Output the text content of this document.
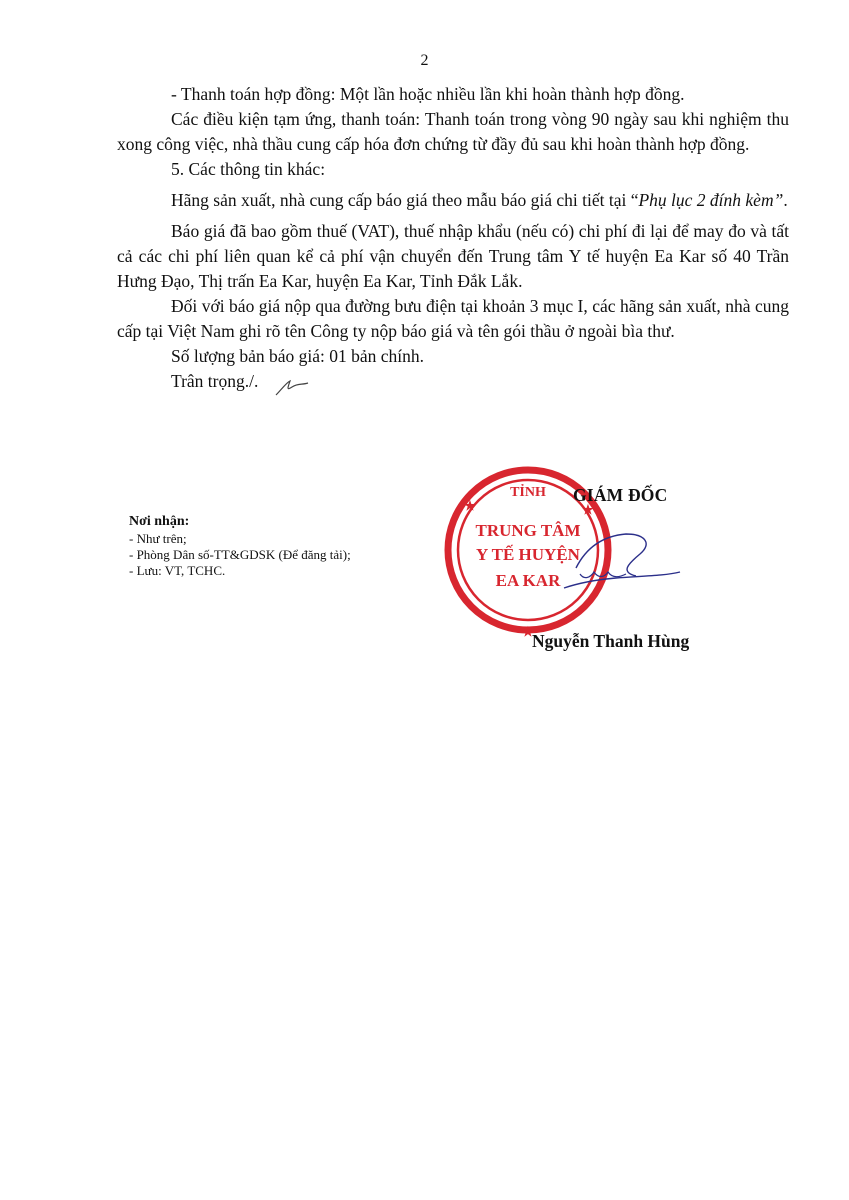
2

- Thanh toán hợp đồng: Một lần hoặc nhiều lần khi hoàn thành hợp đồng.

Các điều kiện tạm ứng, thanh toán: Thanh toán trong vòng 90 ngày sau khi nghiệm thu xong công việc, nhà thầu cung cấp hóa đơn chứng từ đầy đủ sau khi hoàn thành hợp đồng.

5. Các thông tin khác:

Hãng sản xuất, nhà cung cấp báo giá theo mẫu báo giá chi tiết tại “Phụ lục 2 đính kèm”.

Báo giá đã bao gồm thuế (VAT), thuế nhập khẩu (nếu có) chi phí đi lại để may đo và tất cả các chi phí liên quan kể cả phí vận chuyển đến Trung tâm Y tế huyện Ea Kar số 40 Trần Hưng Đạo, Thị trấn Ea Kar, huyện Ea Kar, Tỉnh Đắk Lắk.

Đối với báo giá nộp qua đường bưu điện tại khoản 3 mục I, các hãng sản xuất, nhà cung cấp tại Việt Nam ghi rõ tên Công ty nộp báo giá và tên gói thầu ở ngoài bìa thư.

Số lượng bản báo giá: 01 bản chính.

Trân trọng./.

Nơi nhận:
- Như trên;
- Phòng Dân số-TT&GDSK (Để đăng tải);
- Lưu: VT, TCHC.
TỈNH
★	★
★
TRUNG TÂM
Y TẾ HUYỆN
EA KAR
GIÁM ĐỐC
Nguyễn Thanh Hùng
